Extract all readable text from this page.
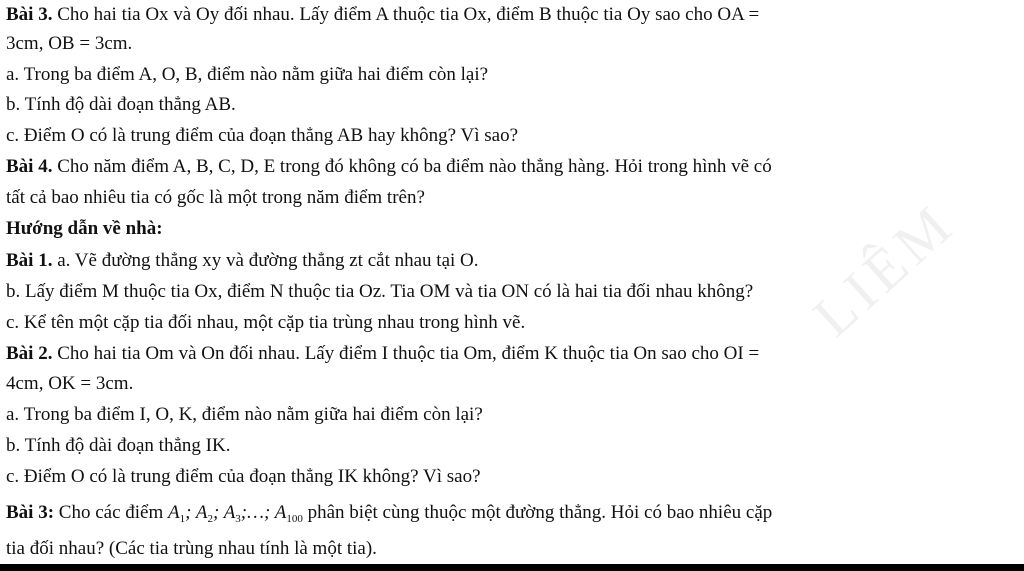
LIÊM
Bài 3. Cho hai tia Ox và Oy đối nhau. Lấy điểm A thuộc tia Ox, điểm B thuộc tia Oy sao cho OA =
3cm, OB = 3cm.
a. Trong ba điểm A, O, B, điểm nào nằm giữa hai điểm còn lại?
b. Tính độ dài đoạn thẳng AB.
c. Điểm O có là trung điểm của đoạn thẳng AB hay không? Vì sao?
Bài 4. Cho năm điểm A, B, C, D, E trong đó không có ba điểm nào thẳng hàng. Hỏi trong hình vẽ có
tất cả bao nhiêu tia có gốc là một trong năm điểm trên?
Hướng dẫn về nhà:
Bài 1. a. Vẽ đường thẳng xy và đường thẳng zt cắt nhau tại O.
b. Lấy điểm M thuộc tia Ox, điểm N thuộc tia Oz. Tia OM và tia ON có là hai tia đối nhau không?
c. Kể tên một cặp tia đối nhau, một cặp tia trùng nhau trong hình vẽ.
Bài 2. Cho hai tia Om và On đối nhau. Lấy điểm I thuộc tia Om, điểm K thuộc tia On sao cho OI =
4cm, OK = 3cm.
a. Trong ba điểm I, O, K, điểm nào nằm giữa hai điểm còn lại?
b. Tính độ dài đoạn thẳng IK.
c. Điểm O có là trung điểm của đoạn thẳng IK không? Vì sao?
Bài 3: Cho các điểm $A_1$; $A_2$; $A_3;\dots$; $A_{100}$ phân biệt cùng thuộc một đường thẳng. Hỏi có bao nhiêu cặp
tia đối nhau? (Các tia trùng nhau tính là một tia).
